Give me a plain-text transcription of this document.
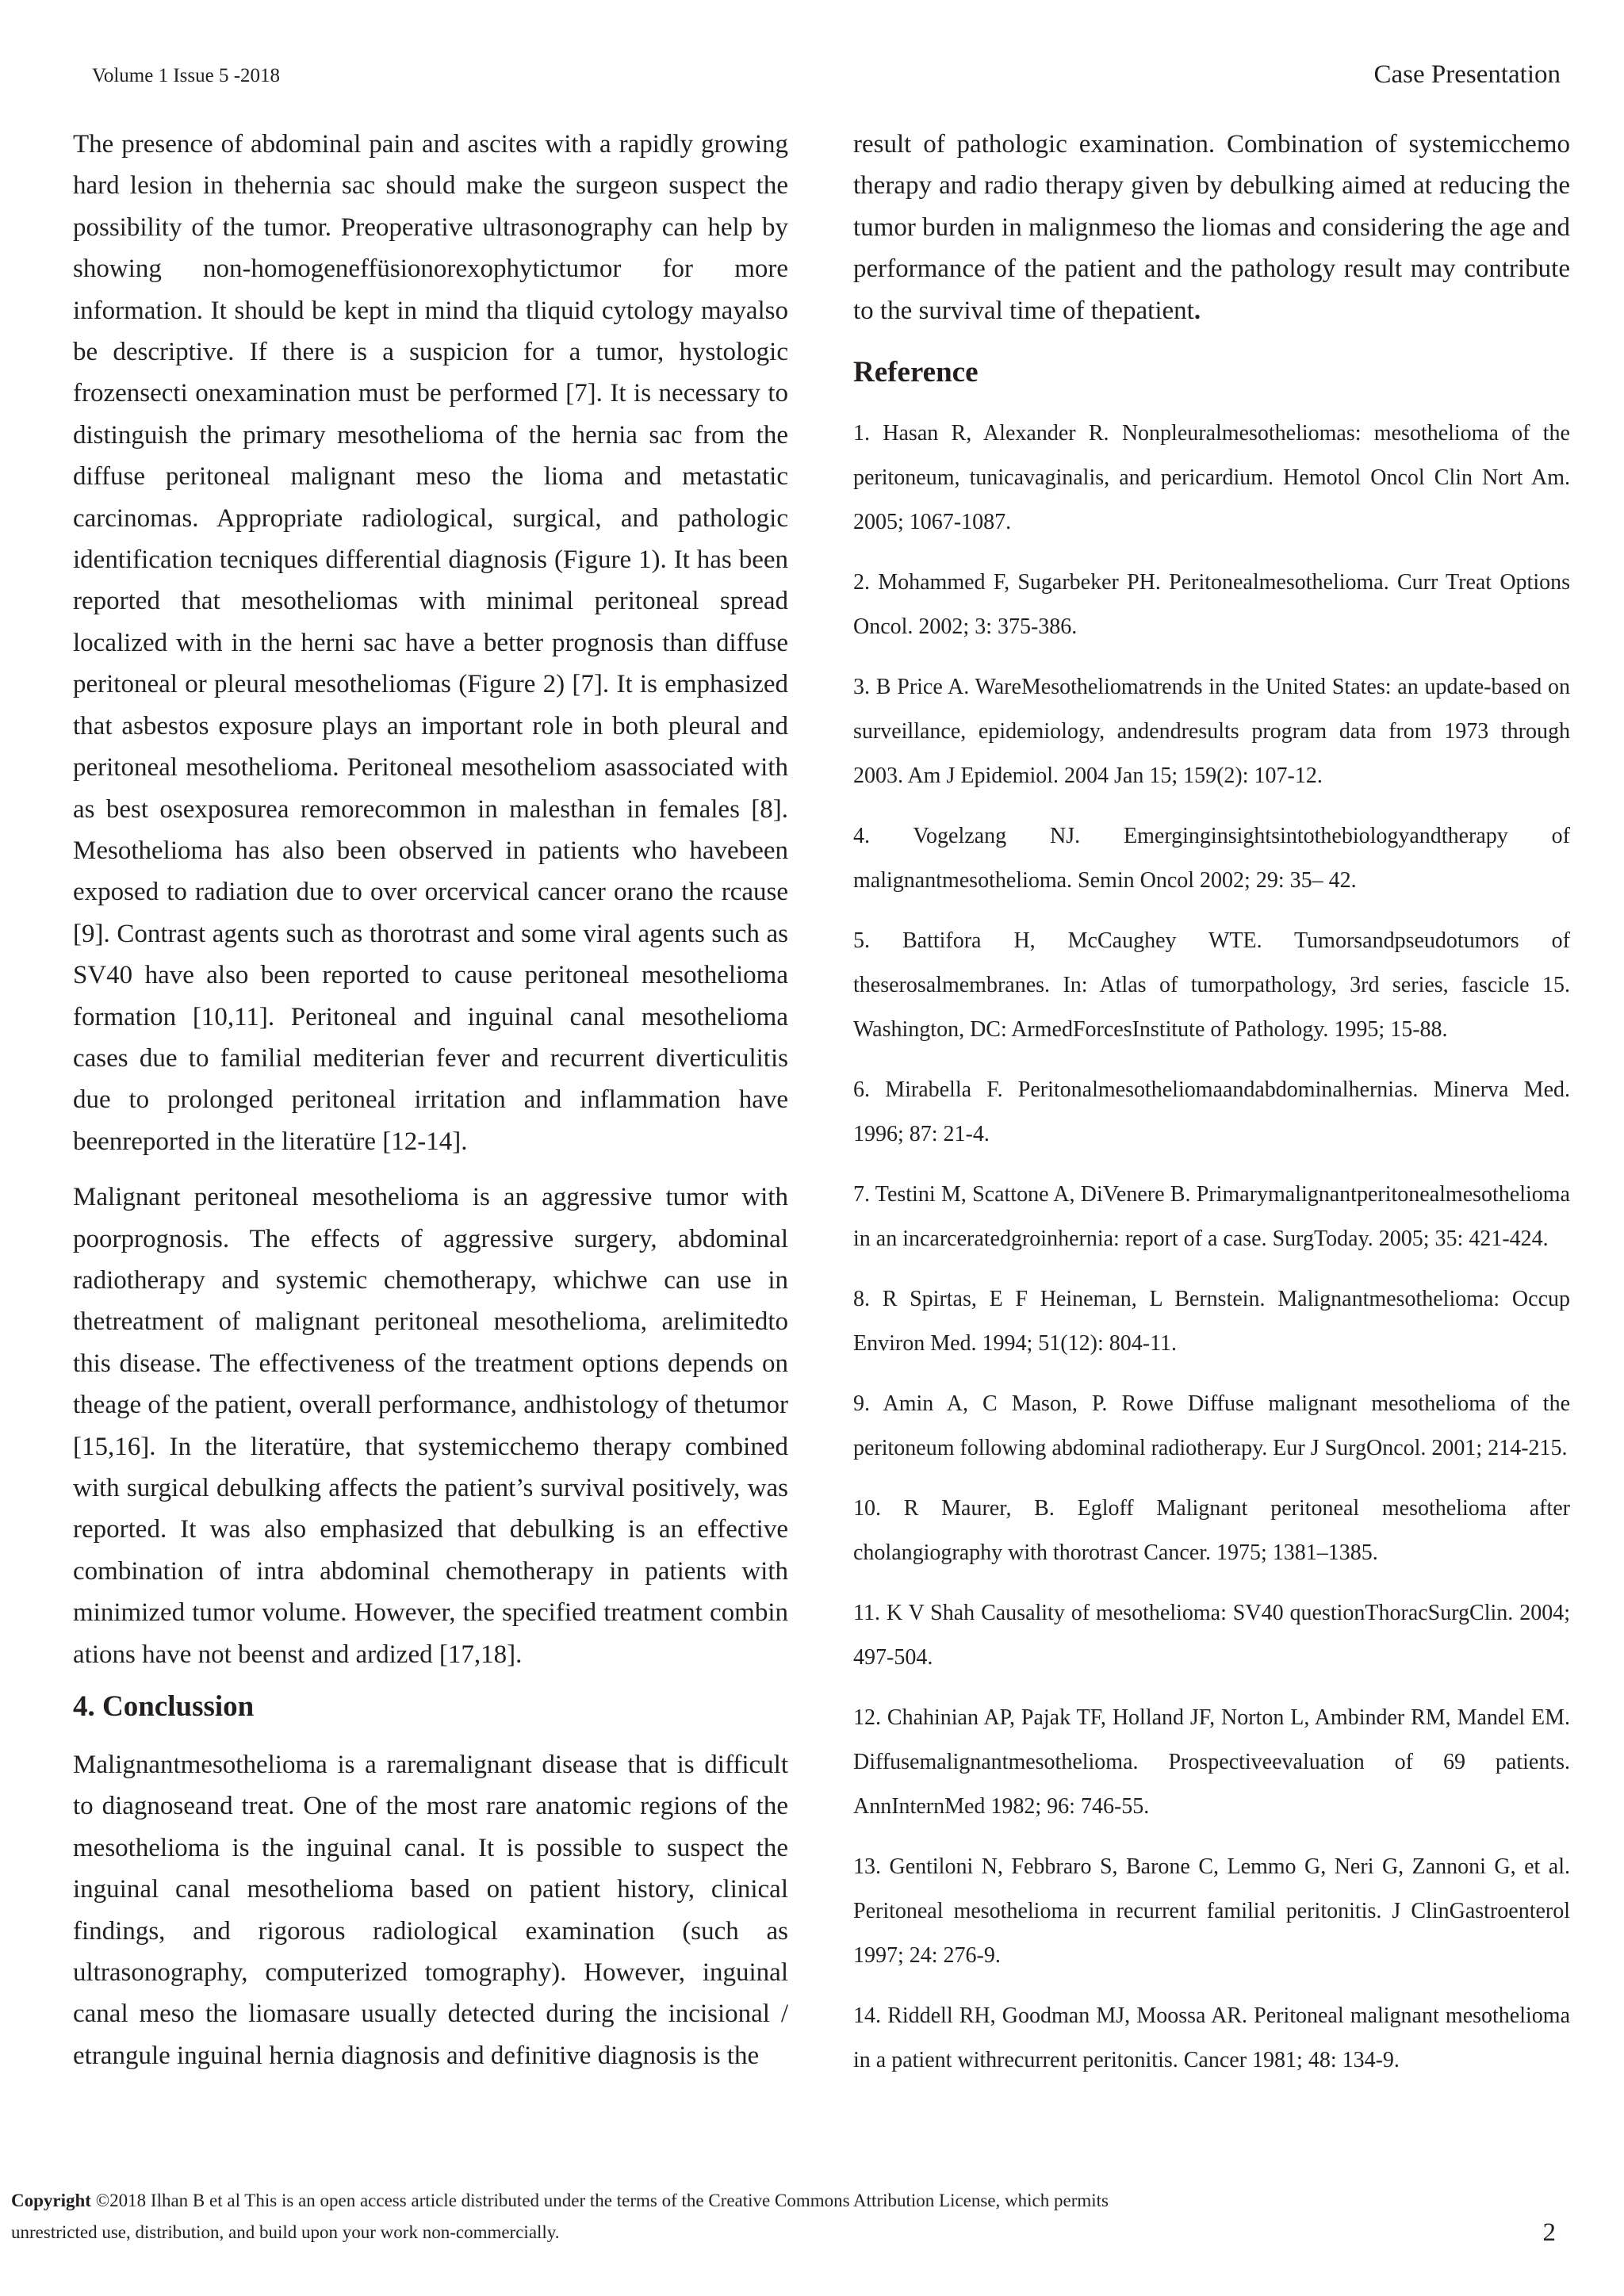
Volume 1 Issue 5 -2018	Case Presentation

The presence of abdominal pain and ascites with a rapidly growing hard lesion in thehernia sac should make the surgeon suspect the possibility of the tumor. Preoperative ultrasonography can help by showing non-homogeneffüsionorexophytictumor for more information. It should be kept in mind tha tliquid cytology mayalso be descriptive. If there is a suspicion for a tumor, hystologic frozensecti onexamination must be performed [7]. It is necessary to distinguish the primary mesothelioma of the hernia sac from the diffuse peritoneal malignant meso the lioma and metastatic carcinomas. Appropriate radiological, surgical, and pathologic identification tecniques differential diagnosis (Figure 1). It has been reported that mesotheliomas with minimal peritoneal spread localized with in the herni sac have a better prognosis than diffuse peritoneal or pleural mesotheliomas (Figure 2) [7]. It is emphasized that asbestos exposure plays an important role in both pleural and peritoneal mesothelioma. Peritoneal mesotheliom asassociated with as best osexposurea remorecommon in malesthan in females [8]. Mesothelioma has also been observed in patients who havebeen exposed to radiation due to over orcervical cancer orano the rcause [9]. Contrast agents such as thorotrast and some viral agents such as SV40 have also been reported to cause peritoneal mesothelioma formation [10,11]. Peritoneal and inguinal canal mesothelioma cases due to familial mediterian fever and recurrent diverticulitis due to prolonged peritoneal irritation and inflammation have beenreported in the literatüre [12-14].

Malignant peritoneal mesothelioma is an aggressive tumor with poorprognosis. The effects of aggressive surgery, abdominal radiotherapy and systemic chemotherapy, whichwe can use in thetreatment of malignant peritoneal mesothelioma, arelimitedto this disease. The effectiveness of the treatment options depends on theage of the patient, overall performance, andhistology of thetumor [15,16]. In the literatüre, that systemicchemo therapy combined with surgical debulking affects the patient’s survival positively, was reported. It was also emphasized that debulking is an effective combination of intra abdominal chemotherapy in patients with minimized tumor volume. However, the specified treatment combin ations have not beenst and ardized [17,18].

4. Conclussion

Malignantmesothelioma is a raremalignant disease that is difficult to diagnoseand treat. One of the most rare anatomic regions of the mesothelioma is the inguinal canal. It is possible to suspect the inguinal canal mesothelioma based on patient history, clinical findings, and rigorous radiological examination (such as ultrasonography, computerized tomography). However, inguinal canal meso the liomasare usually detected during the incisional / etrangule inguinal hernia diagnosis and definitive diagnosis is the

result of pathologic examination. Combination of systemicchemo therapy and radio therapy given by debulking aimed at reducing the tumor burden in malignmeso the liomas and considering the age and performance of the patient and the pathology result may contribute to the survival time of thepatient.

Reference
1. Hasan R, Alexander R. Nonpleuralmesotheliomas: mesothelioma of the peritoneum, tunicavaginalis, and pericardium. Hemotol Oncol Clin Nort Am. 2005; 1067-1087.
2. Mohammed F, Sugarbeker PH. Peritonealmesothelioma. Curr Treat Options Oncol. 2002; 3: 375-386.
3. B Price A. WareMesotheliomatrends in the United States: an update-based on surveillance, epidemiology, andendresults program data from 1973 through 2003. Am J Epidemiol. 2004 Jan 15; 159(2): 107-12.
4. Vogelzang NJ. Emerginginsightsintothebiologyandtherapy of malignantmesothelioma. Semin Oncol 2002; 29: 35– 42.
5. Battifora H, McCaughey WTE. Tumorsandpseudotumors of theserosalmembranes. In: Atlas of tumorpathology, 3rd series, fascicle 15. Washington, DC: ArmedForcesInstitute of Pathology. 1995; 15-88.
6. Mirabella F. Peritonalmesotheliomaandabdominalhernias. Minerva Med. 1996; 87: 21-4.
7. Testini M, Scattone A, DiVenere B. Primarymalignantperitonealmesothelioma in an incarceratedgroinhernia: report of a case. SurgToday. 2005; 35: 421-424.
8. R Spirtas, E F Heineman, L Bernstein. Malignantmesothelioma: Occup Environ Med. 1994; 51(12): 804-11.
9. Amin A, C Mason, P. Rowe Diffuse malignant mesothelioma of the peritoneum following abdominal radiotherapy. Eur J SurgOncol. 2001; 214-215.
10. R Maurer, B. Egloff Malignant peritoneal mesothelioma after cholangiography with thorotrast Cancer. 1975; 1381–1385.
11. K V Shah Causality of mesothelioma: SV40 questionThoracSurgClin. 2004; 497-504.
12. Chahinian AP, Pajak TF, Holland JF, Norton L, Ambinder RM, Mandel EM. Diffusemalignantmesothelioma. Prospectiveevaluation of 69 patients. AnnInternMed 1982; 96: 746-55.
13. Gentiloni N, Febbraro S, Barone C, Lemmo G, Neri G, Zannoni G, et al. Peritoneal mesothelioma in recurrent familial peritonitis. J ClinGastroenterol 1997; 24: 276-9.
14. Riddell RH, Goodman MJ, Moossa AR. Peritoneal malignant mesothelioma in a patient withrecurrent peritonitis. Cancer 1981; 48: 134-9.
Copyright ©2018 Ilhan B et al This is an open access article distributed under the terms of the Creative Commons Attribution License, which permits unrestricted use, distribution, and build upon your work non-commercially.	2
